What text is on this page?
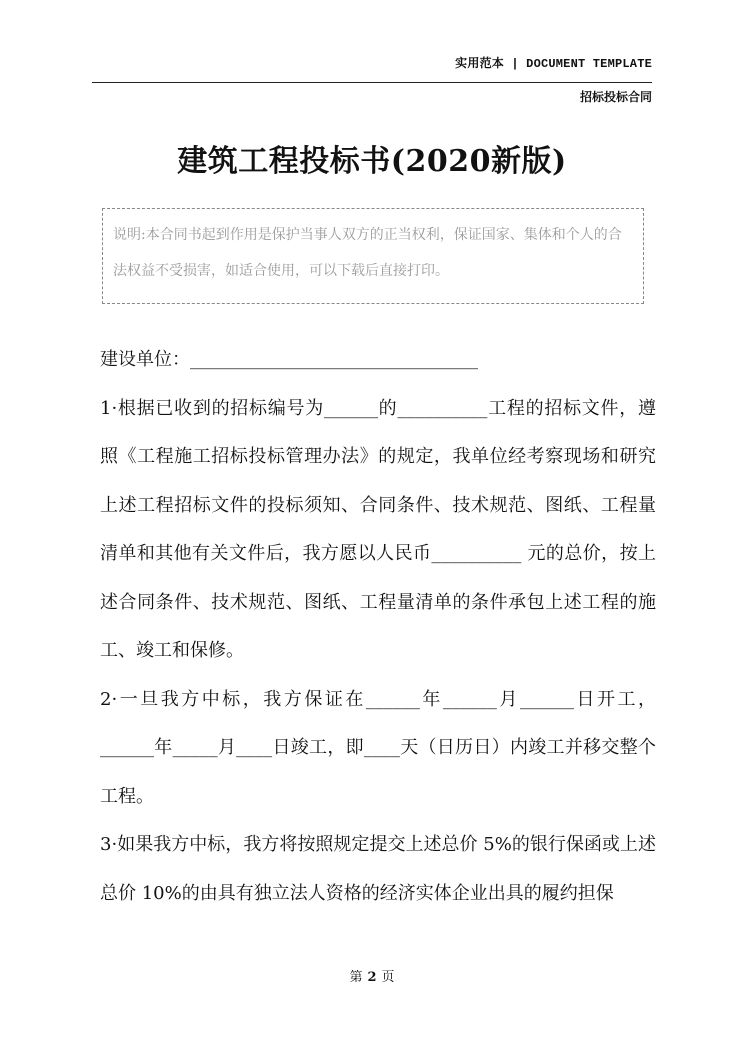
实用范本 | DOCUMENT TEMPLATE
招标投标合同
建筑工程投标书(2020新版)
说明:本合同书起到作用是保护当事人双方的正当权利，保证国家、集体和个人的合法权益不受损害，如适合使用，可以下载后直接打印。

建设单位：________________________________

1·根据已收到的招标编号为______的__________工程的招标文件，遵照《工程施工招标投标管理办法》的规定，我单位经考察现场和研究上述工程招标文件的投标须知、合同条件、技术规范、图纸、工程量清单和其他有关文件后，我方愿以人民币__________ 元的总价，按上述合同条件、技术规范、图纸、工程量清单的条件承包上述工程的施工、竣工和保修。

2·一旦我方中标，我方保证在______年______月______日开工，______年_____月____日竣工，即____天（日历日）内竣工并移交整个工程。

3·如果我方中标，我方将按照规定提交上述总价 5%的银行保函或上述总价 10%的由具有独立法人资格的经济实体企业出具的履约担保

第 2 页
